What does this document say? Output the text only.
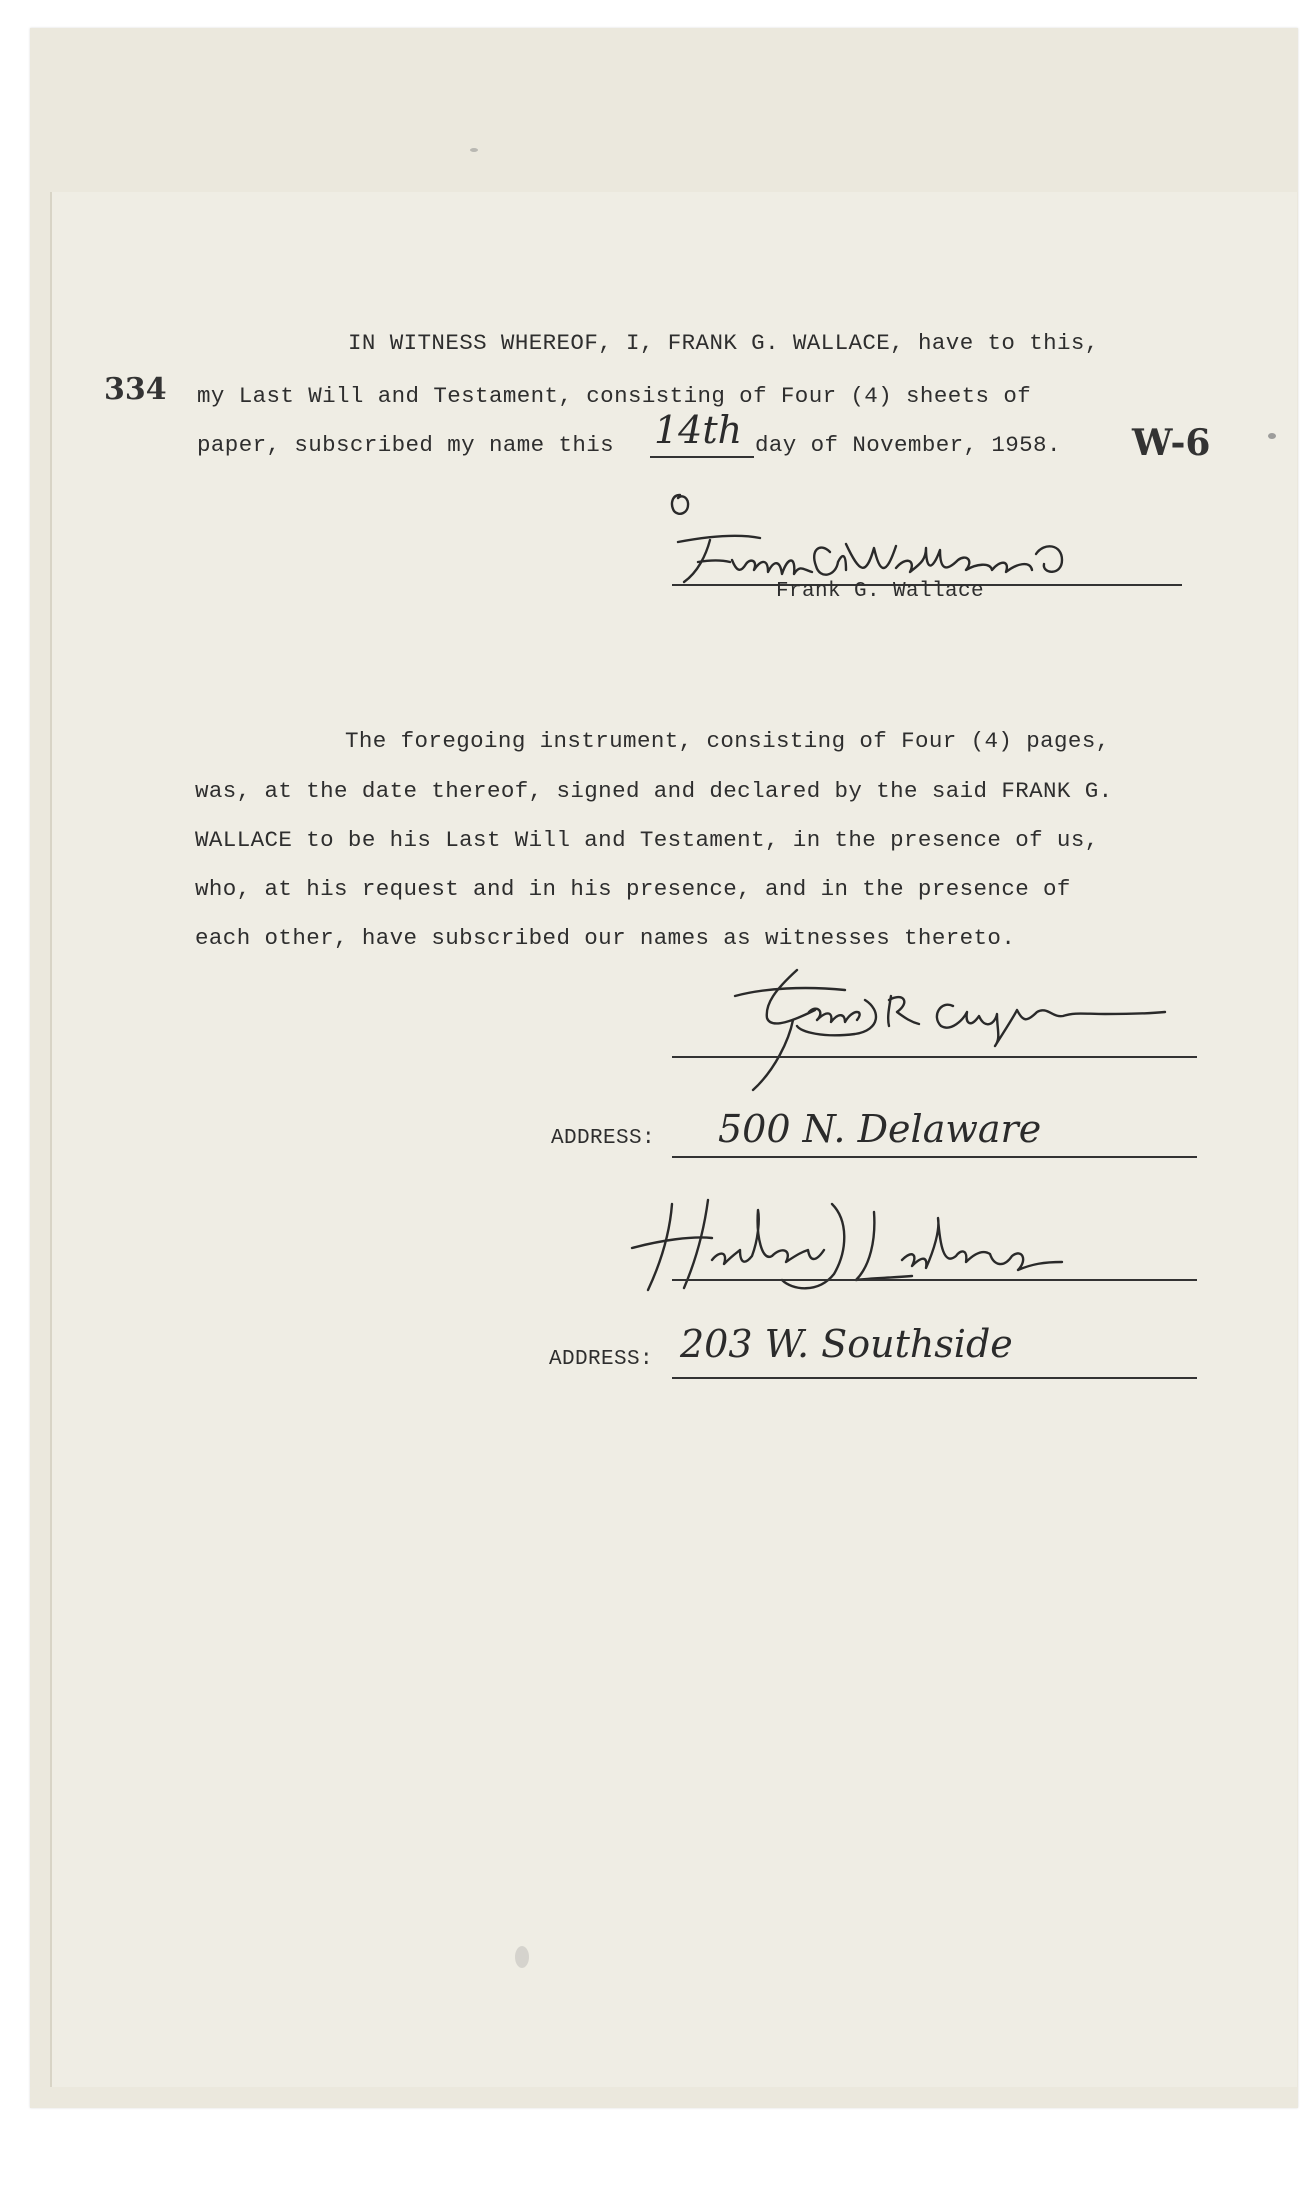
334
W-6
IN WITNESS WHEREOF, I, FRANK G. WALLACE, have to this,
my Last Will and Testament, consisting of Four (4) sheets of
paper, subscribed my name this 14th day of November, 1958.
Frank G. Wallace
The foregoing instrument, consisting of Four (4) pages,
was, at the date thereof, signed and declared by the said FRANK G.
WALLACE to be his Last Will and Testament, in the presence of us,
who, at his request and in his presence, and in the presence of
each other, have subscribed our names as witnesses thereto.
ADDRESS: 500 N. Delaware
ADDRESS: 203 W. Southside
